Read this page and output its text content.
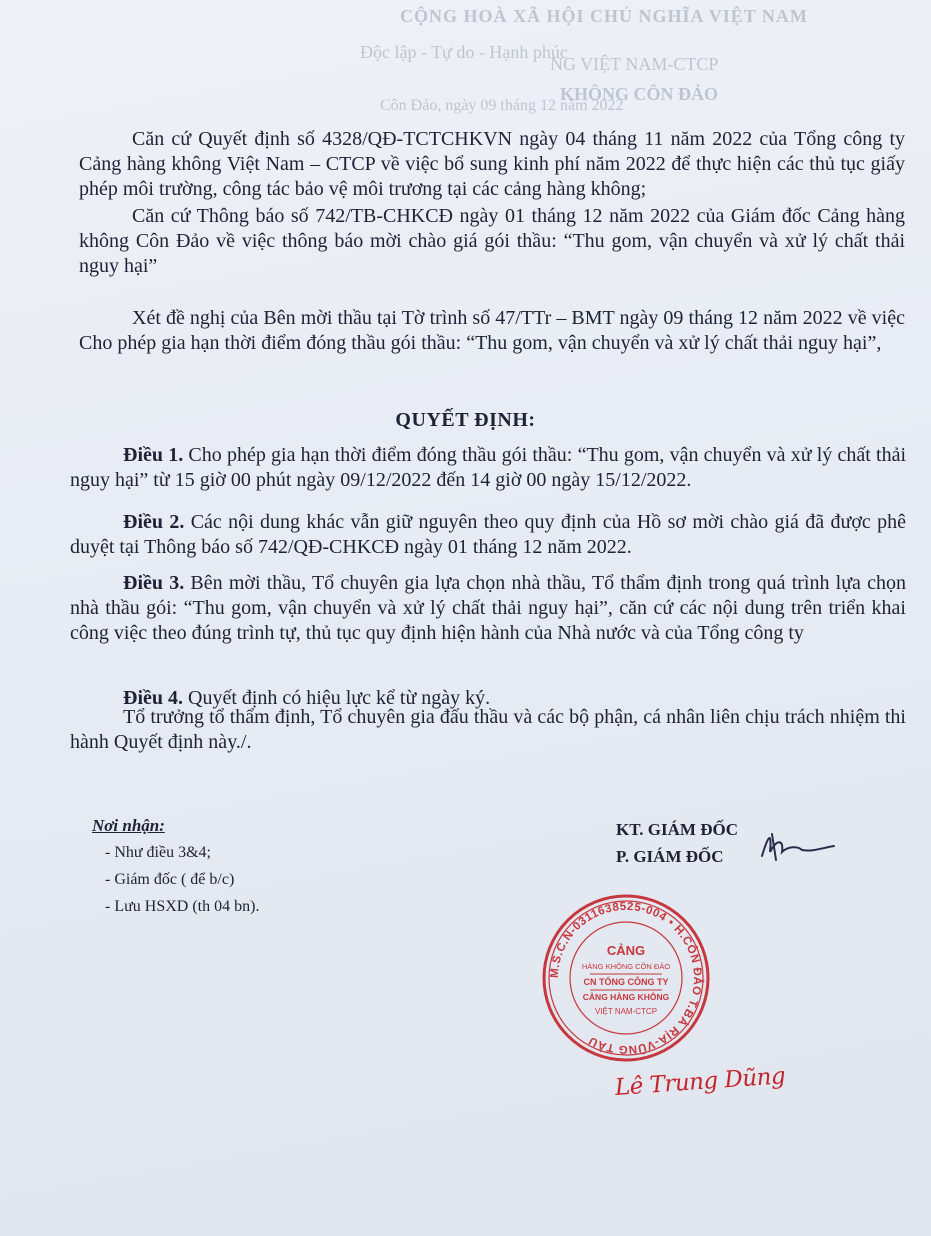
CỘNG HOÀ XÃ HỘI CHỦ NGHĨA VIỆT NAM
Độc lập - Tự do - Hạnh phúc
NG VIỆT NAM-CTCP
KHÔNG CÔN ĐẢO
Côn Đảo, ngày 09 tháng 12 năm 2022

Căn cứ Quyết định số 4328/QĐ-TCTCHKVN ngày 04 tháng 11 năm 2022 của Tổng công ty Cảng hàng không Việt Nam – CTCP về việc bổ sung kinh phí năm 2022 để thực hiện các thủ tục giấy phép môi trường, công tác bảo vệ môi trương tại các cảng hàng không;

Căn cứ Thông báo số 742/TB-CHKCĐ ngày 01 tháng 12 năm 2022 của Giám đốc Cảng hàng không Côn Đảo về việc thông báo mời chào giá gói thầu: “Thu gom, vận chuyển và xử lý chất thải nguy hại”

Xét đề nghị của Bên mời thầu tại Tờ trình số 47/TTr – BMT ngày 09 tháng 12 năm 2022 về việc Cho phép gia hạn thời điểm đóng thầu gói thầu: “Thu gom, vận chuyển và xử lý chất thải nguy hại”,

QUYẾT ĐỊNH:

Điều 1. Cho phép gia hạn thời điểm đóng thầu gói thầu: “Thu gom, vận chuyển và xử lý chất thải nguy hại” từ 15 giờ 00 phút ngày 09/12/2022 đến 14 giờ 00 ngày 15/12/2022.

Điều 2. Các nội dung khác vẫn giữ nguyên theo quy định của Hồ sơ mời chào giá đã được phê duyệt tại Thông báo số 742/QĐ-CHKCĐ ngày 01 tháng 12 năm 2022.

Điều 3. Bên mời thầu, Tổ chuyên gia lựa chọn nhà thầu, Tổ thẩm định trong quá trình lựa chọn nhà thầu gói: “Thu gom, vận chuyển và xử lý chất thải nguy hại”, căn cứ các nội dung trên triển khai công việc theo đúng trình tự, thủ tục quy định hiện hành của Nhà nước và của Tổng công ty

Điều 4. Quyết định có hiệu lực kể từ ngày ký.

Tổ trưởng tổ thẩm định, Tổ chuyên gia đấu thầu và các bộ phận, cá nhân liên chịu trách nhiệm thi hành Quyết định này./.

Nơi nhận:
- Như điều 3&4;
- Giám đốc ( để b/c)
- Lưu HSXD (th 04 bn).
KT. GIÁM ĐỐC
P. GIÁM ĐỐC
M.S.C.N-0311638525-004 • H.CÔN ĐẢO T.BÀ RỊA-VŨNG TÀU
CẢNG
HÀNG KHÔNG CÔN ĐẢO
CN TỔNG CÔNG TY
CẢNG HÀNG KHÔNG
VIỆT NAM-CTCP
Lê Trung Dũng
